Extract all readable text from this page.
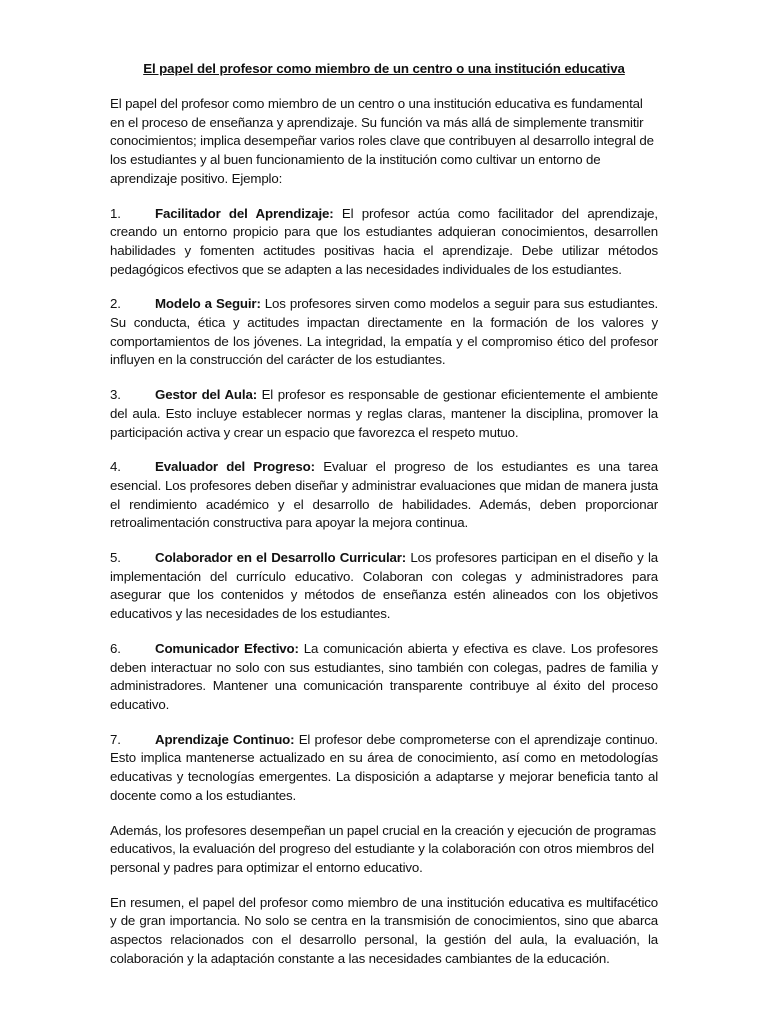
El papel del profesor como miembro de un centro o una institución educativa

El papel del profesor como miembro de un centro o una institución educativa es fundamental en el proceso de enseñanza y aprendizaje. Su función va más allá de simplemente transmitir conocimientos; implica desempeñar varios roles clave que contribuyen al desarrollo integral de los estudiantes y al buen funcionamiento de la institución como cultivar un entorno de aprendizaje positivo. Ejemplo:

1.	Facilitador del Aprendizaje: El profesor actúa como facilitador del aprendizaje, creando un entorno propicio para que los estudiantes adquieran conocimientos, desarrollen habilidades y fomenten actitudes positivas hacia el aprendizaje. Debe utilizar métodos pedagógicos efectivos que se adapten a las necesidades individuales de los estudiantes.

2.	Modelo a Seguir: Los profesores sirven como modelos a seguir para sus estudiantes. Su conducta, ética y actitudes impactan directamente en la formación de los valores y comportamientos de los jóvenes. La integridad, la empatía y el compromiso ético del profesor influyen en la construcción del carácter de los estudiantes.

3.	Gestor del Aula: El profesor es responsable de gestionar eficientemente el ambiente del aula. Esto incluye establecer normas y reglas claras, mantener la disciplina, promover la participación activa y crear un espacio que favorezca el respeto mutuo.

4.	Evaluador del Progreso: Evaluar el progreso de los estudiantes es una tarea esencial. Los profesores deben diseñar y administrar evaluaciones que midan de manera justa el rendimiento académico y el desarrollo de habilidades. Además, deben proporcionar retroalimentación constructiva para apoyar la mejora continua.

5.	Colaborador en el Desarrollo Curricular: Los profesores participan en el diseño y la implementación del currículo educativo. Colaboran con colegas y administradores para asegurar que los contenidos y métodos de enseñanza estén alineados con los objetivos educativos y las necesidades de los estudiantes.

6.	Comunicador Efectivo: La comunicación abierta y efectiva es clave. Los profesores deben interactuar no solo con sus estudiantes, sino también con colegas, padres de familia y administradores. Mantener una comunicación transparente contribuye al éxito del proceso educativo.

7.	Aprendizaje Continuo: El profesor debe comprometerse con el aprendizaje continuo. Esto implica mantenerse actualizado en su área de conocimiento, así como en metodologías educativas y tecnologías emergentes. La disposición a adaptarse y mejorar beneficia tanto al docente como a los estudiantes.

Además, los profesores desempeñan un papel crucial en la creación y ejecución de programas educativos, la evaluación del progreso del estudiante y la colaboración con otros miembros del personal y padres para optimizar el entorno educativo.

En resumen, el papel del profesor como miembro de una institución educativa es multifacético y de gran importancia. No solo se centra en la transmisión de conocimientos, sino que abarca aspectos relacionados con el desarrollo personal, la gestión del aula, la evaluación, la colaboración y la adaptación constante a las necesidades cambiantes de la educación.
